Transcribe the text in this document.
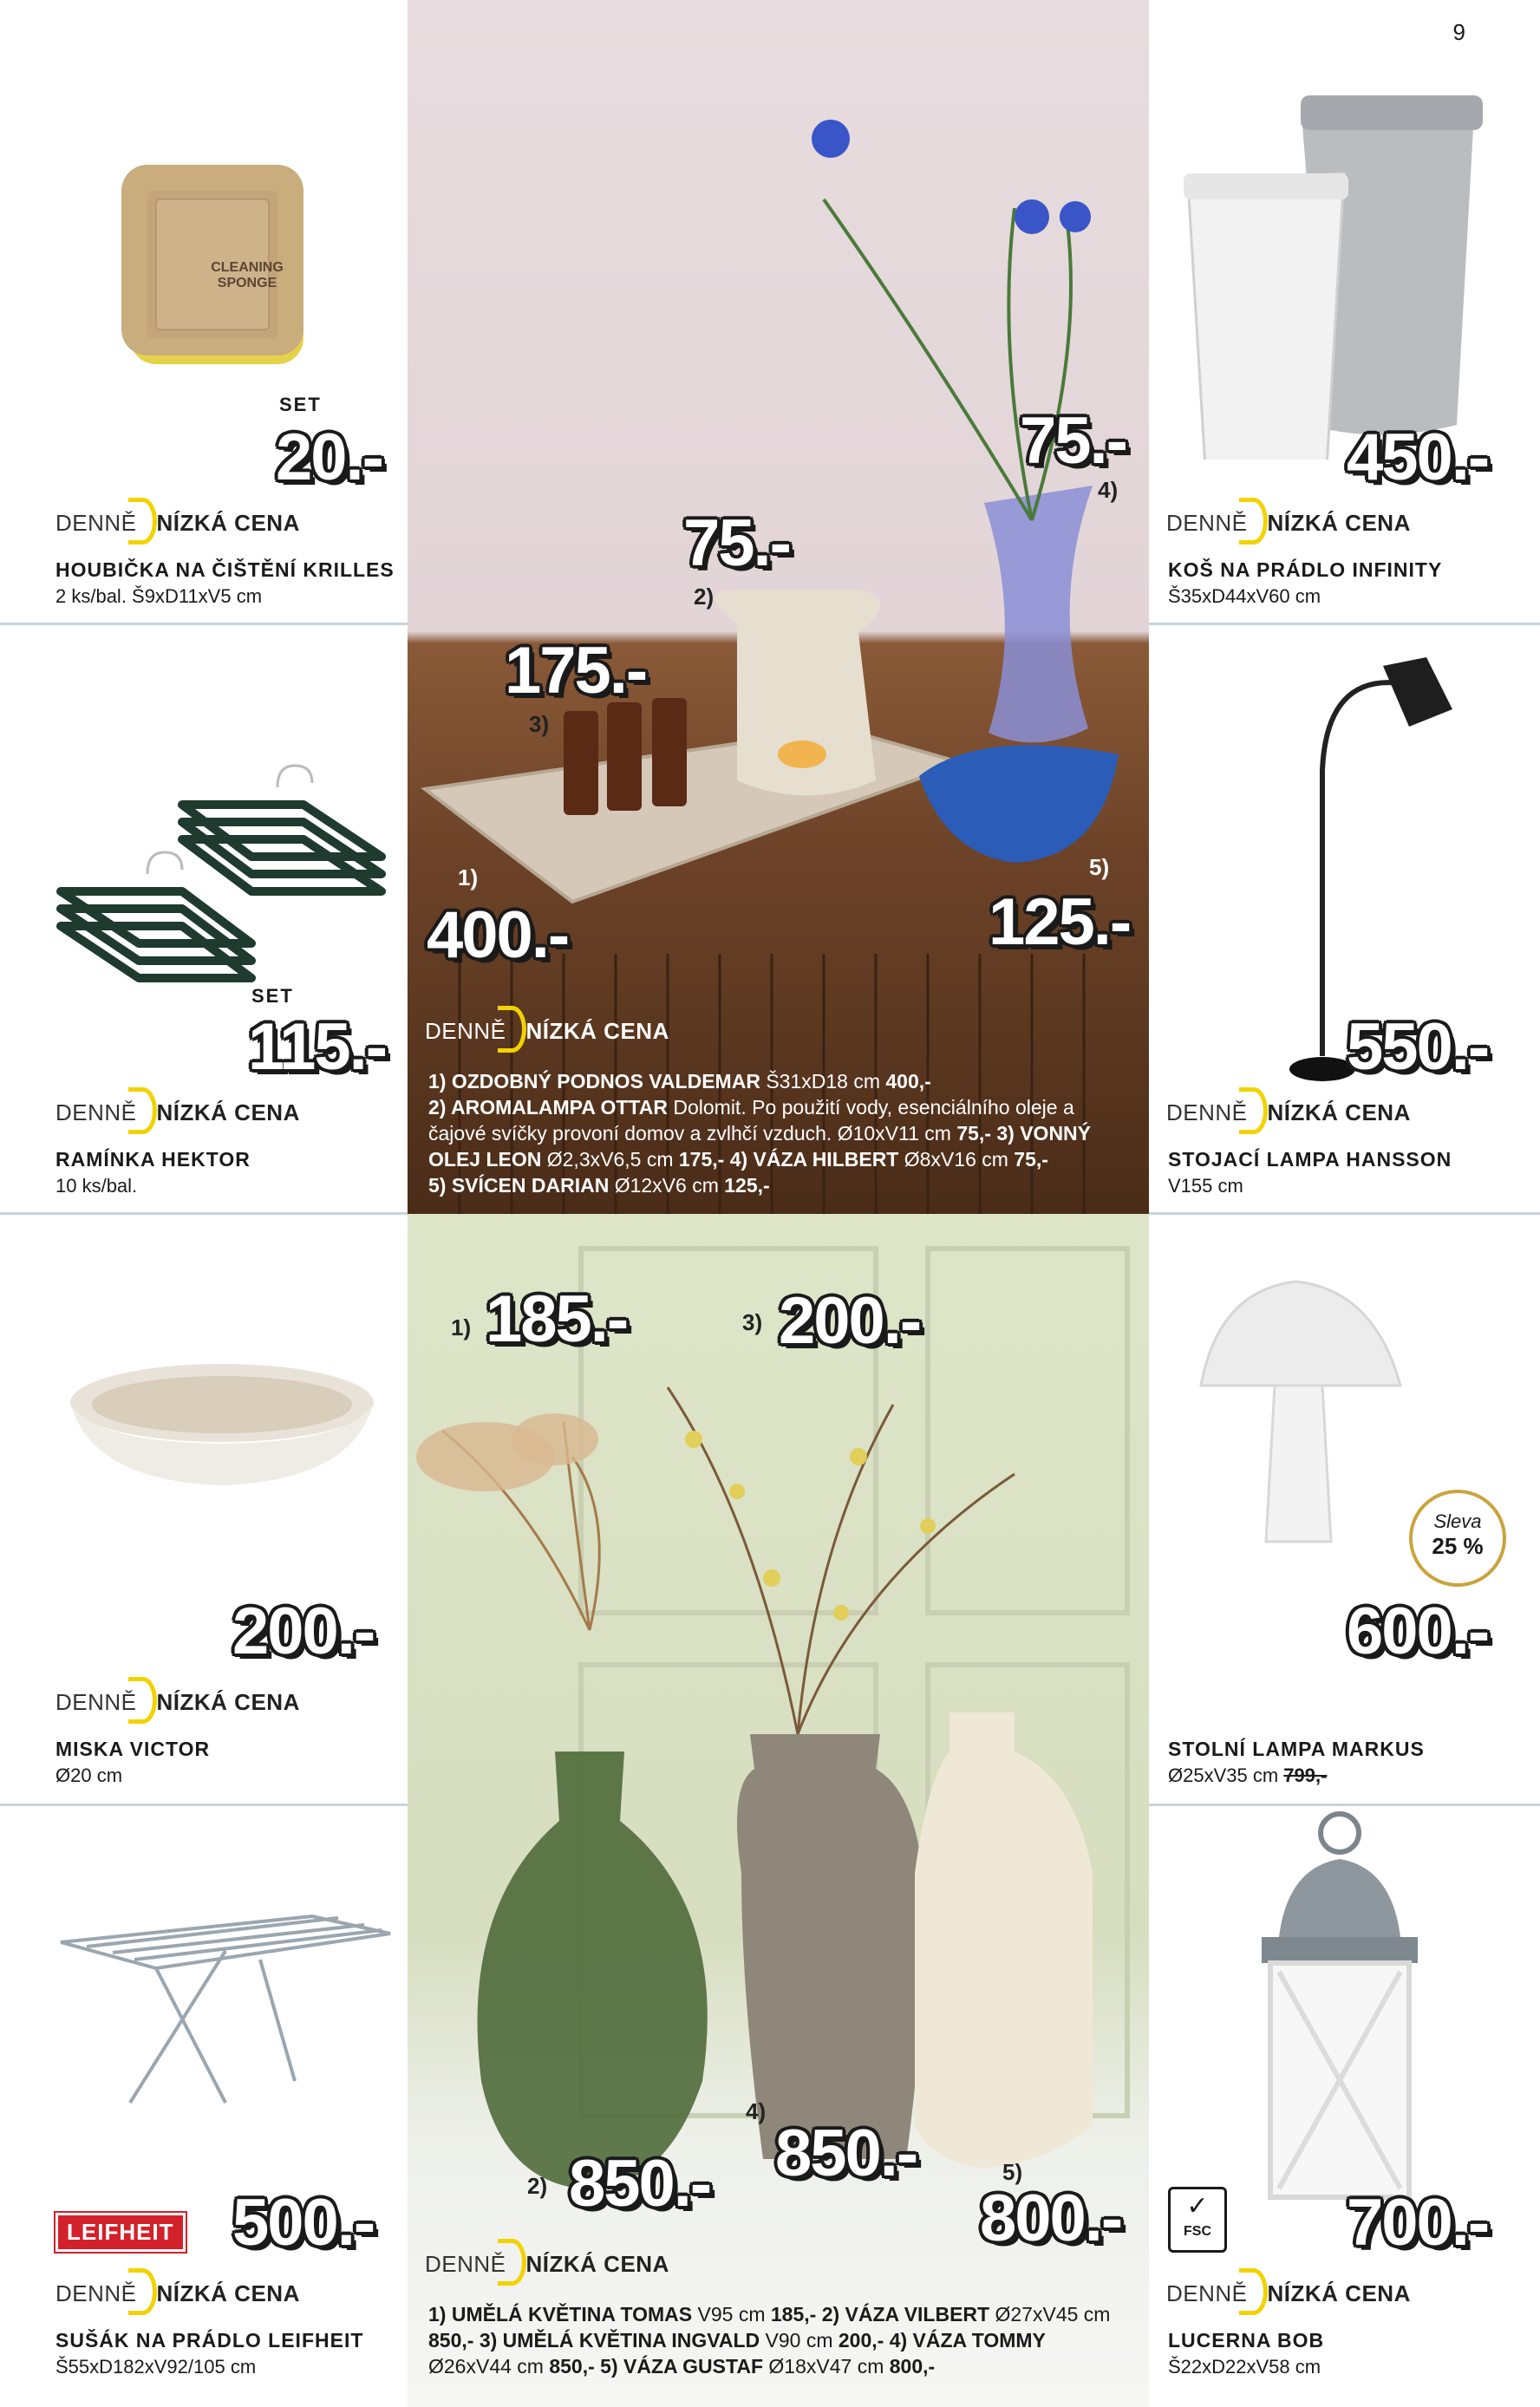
9
CLEANING SPONGE
SET
20.-
DENNĚ NÍZKÁ CENA
HOUBIČKA NA ČIŠTĚNÍ KRILLES
2 ks/bal. Š9xD11xV5 cm
SET
115.-
DENNĚ NÍZKÁ CENA
RAMÍNKA HEKTOR
10 ks/bal.
200.-
DENNĚ NÍZKÁ CENA
MISKA VICTOR
Ø20 cm
LEIFHEIT 500.-
DENNĚ NÍZKÁ CENA
SUŠÁK NA PRÁDLO LEIFHEIT
Š55xD182xV92/105 cm
1)
400.-
2)
75.-
3)
175.-
4)
75.-
5)
125.-
DENNĚ NÍZKÁ CENA
1) OZDOBNÝ PODNOS VALDEMAR Š31xD18 cm 400,-
2) AROMALAMPA OTTAR Dolomit. Po použití vody, esenciálního oleje a čajové svíčky provoní domov a zvlhčí vzduch. Ø10xV11 cm 75,- 3) VONNÝ OLEJ LEON Ø2,3xV6,5 cm 175,- 4) VÁZA HILBERT Ø8xV16 cm 75,-
5) SVÍCEN DARIAN Ø12xV6 cm 125,-
1) 185.-
2) 850.-
3) 200.-
4)
850.-	5)
800.-
DENNĚ NÍZKÁ CENA
1) UMĚLÁ KVĚTINA TOMAS V95 cm 185,- 2) VÁZA VILBERT Ø27xV45 cm
850,- 3) UMĚLÁ KVĚTINA INGVALD V90 cm 200,- 4) VÁZA TOMMY
Ø26xV44 cm 850,- 5) VÁZA GUSTAF Ø18xV47 cm 800,-
450.-
DENNĚ NÍZKÁ CENA
KOŠ NA PRÁDLO INFINITY
Š35xD44xV60 cm
550.-
DENNĚ NÍZKÁ CENA
STOJACÍ LAMPA HANSSON
V155 cm
Sleva
25 %
600.-
STOLNÍ LAMPA MARKUS
Ø25xV35 cm 799,-
✓
FSC 700.-
DENNĚ NÍZKÁ CENA
LUCERNA BOB
Š22xD22xV58 cm
